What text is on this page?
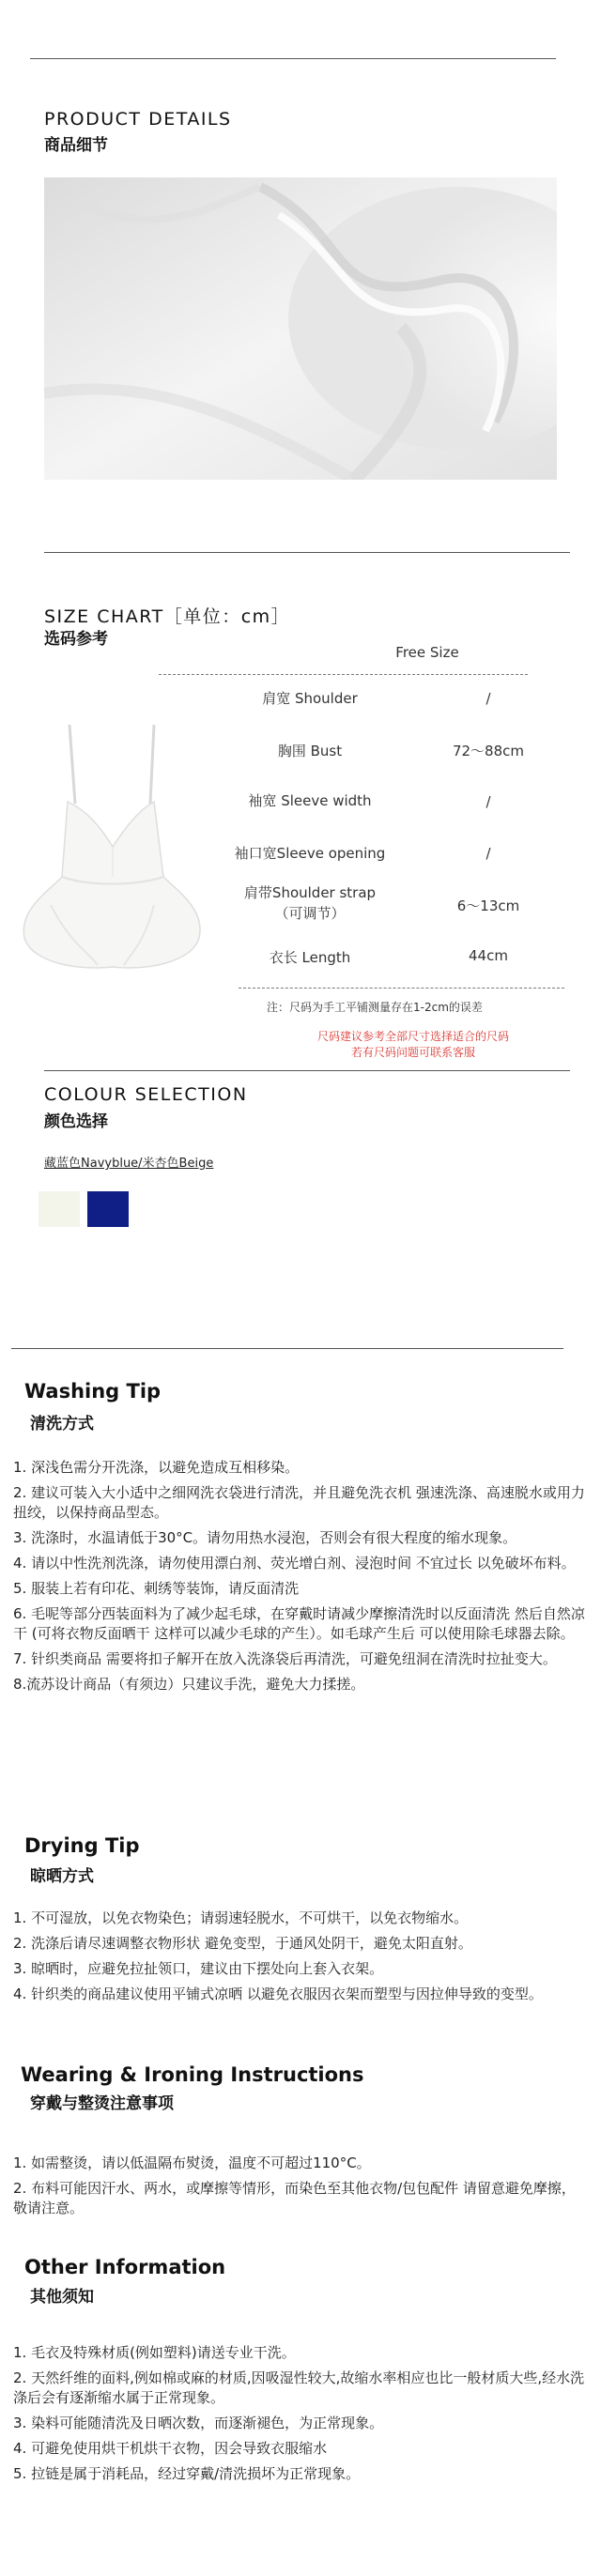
PRODUCT DETAILS
商品细节
SIZE CHART［单位：cm］
选码参考
Free Size
肩宽 Shoulder	/
胸围 Bust	72～88cm
袖宽 Sleeve width	/
袖口宽Sleeve opening	/
肩带Shoulder strap
（可调节）	6～13cm
衣长 Length	44cm
注：尺码为手工平铺测量存在1-2cm的误差
尺码建议参考全部尺寸选择适合的尺码
若有尺码问题可联系客服
COLOUR SELECTION
颜色选择
藏蓝色Navyblue/米杏色Beige
Washing Tip
清洗方式

1. 深浅色需分开洗涤，以避免造成互相移染。

2. 建议可装入大小适中之细网洗衣袋进行清洗，并且避免洗衣机 强速洗涤、高速脱水或用力扭绞，以保持商品型态。

3. 洗涤时，水温请低于30°C。请勿用热水浸泡，否则会有很大程度的缩水现象。

4. 请以中性洗剂洗涤，请勿使用漂白剂、荧光增白剂、浸泡时间 不宜过长 以免破坏布料。

5. 服装上若有印花、刺绣等装饰，请反面清洗

6. 毛呢等部分西装面料为了减少起毛球，在穿戴时请减少摩擦清洗时以反面清洗 然后自然凉干 (可将衣物反面晒干 这样可以减少毛球的产生）。如毛球产生后 可以使用除毛球器去除。

7. 针织类商品 需要将扣子解开在放入洗涤袋后再清洗，可避免纽洞在清洗时拉扯变大。

8.流苏设计商品（有须边）只建议手洗，避免大力揉搓。

Drying Tip
晾晒方式

1. 不可湿放，以免衣物染色；请弱速轻脱水，不可烘干，以免衣物缩水。

2. 洗涤后请尽速调整衣物形状 避免变型，于通风处阴干，避免太阳直射。

3. 晾晒时，应避免拉扯领口，建议由下摆处向上套入衣架。

4. 针织类的商品建议使用平铺式凉晒 以避免衣服因衣架而塑型与因拉伸导致的变型。

Wearing & Ironing Instructions
穿戴与整烫注意事项

1. 如需整烫，请以低温隔布熨烫，温度不可超过110°C。

2. 布料可能因汗水、两水，或摩擦等情形，而染色至其他衣物/包包配件 请留意避免摩擦，敬请注意。

Other Information
其他须知

1. 毛衣及特殊材质(例如塑料)请送专业干洗。

2. 天然纤维的面料,例如棉或麻的材质,因吸湿性较大,故缩水率相应也比一般材质大些,经水洗涤后会有逐渐缩水属于正常现象。

3. 染料可能随清洗及日晒次数，而逐渐褪色，为正常现象。

4. 可避免使用烘干机烘干衣物，因会导致衣服缩水

5. 拉链是属于消耗品，经过穿戴/清洗损坏为正常现象。
